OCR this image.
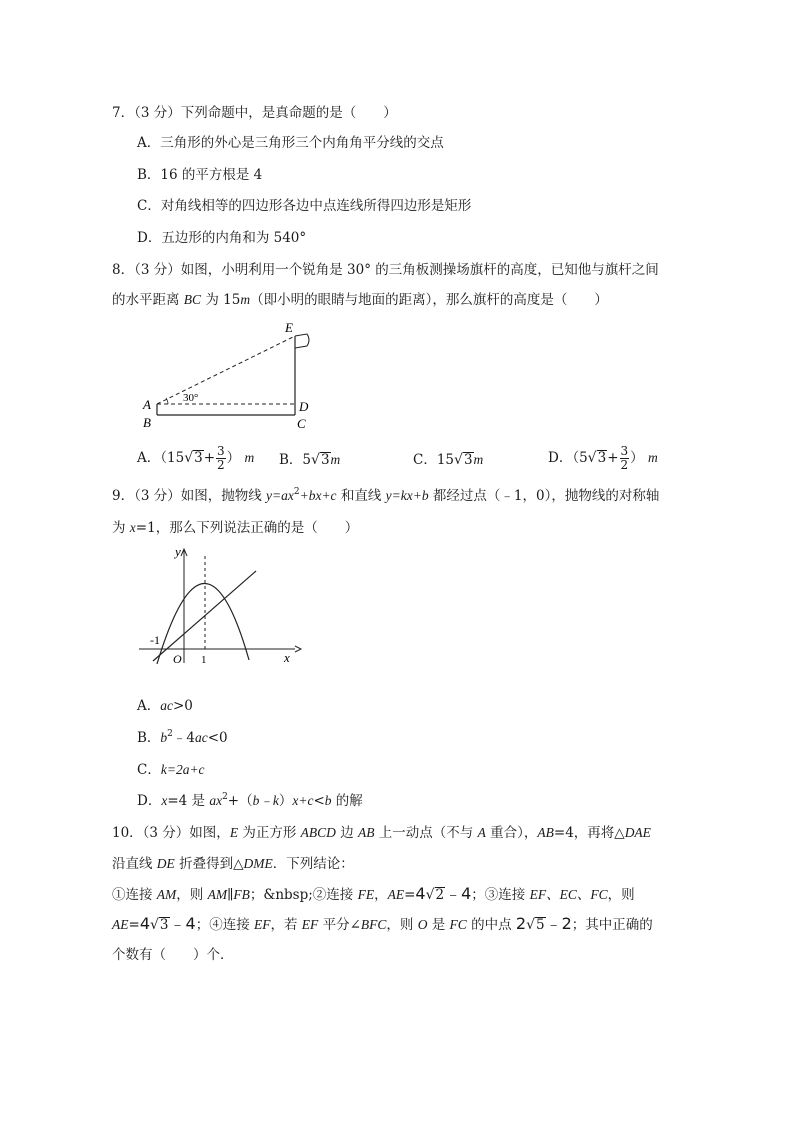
7．（3 分）下列命题中，是真命题的是（　　）
A．三角形的外心是三角形三个内角角平分线的交点
B．16 的平方根是 4
C．对角线相等的四边形各边中点连线所得四边形是矩形
D．五边形的内角和为 540°
8．（3 分）如图，小明利用一个锐角是 30° 的三角板测操场旗杆的高度，已知他与旗杆之间
的水平距离 BC 为 15m（即小明的眼睛与地面的距离），那么旗杆的高度是（　　）
E
A
B
D
C
30°
A．（$15√3+ \frac{3}{2}$ ） m B．5√3m	C．15√3m	D．（$5√3+ \frac{3}{2}$ ） m
9．（3 分）如图，抛物线 $y=ax^2+bx+c$ 和直线 y=kx+b 都经过点（﹣1，0），抛物线的对称轴
为 x=1，那么下列说法正确的是（　　）
y
x
O
-1
1
A．ac>0
B．$b^2﹣4ac<0$
C．k=2a+c
D．x=4 是 $ax^2+(b﹣k)x+c<b$ 的解
10．（3 分）如图，E 为正方形 ABCD 边 AB 上一动点（不与 A 重合），AB=4，再将△DAE
沿直线 DE 折叠得到△DME．下列结论：
①连接 AM，则 AM∥FB；&nbsp;②连接 FE，AE=4√2﹣4；③连接 EF、EC、FC，则
AE=4√3﹣4；④连接 EF，若 EF 平分∠BFC，则 O 是 FC 的中点 2√5﹣2；其中正确的
个数有（　　）个．
